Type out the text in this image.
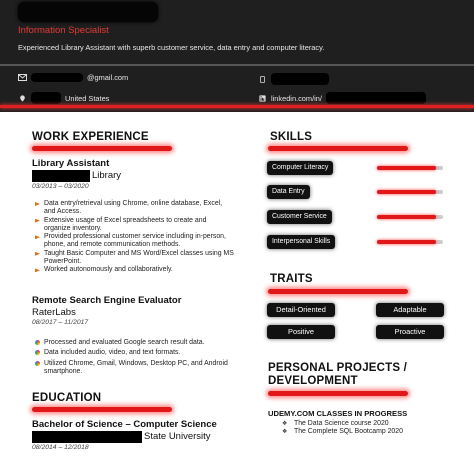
Information Specialist
Experienced Library Assistant with superb customer service, data entry and computer literacy.
@gmail.com
United States	linkedin.com/in/
WORK EXPERIENCE
Library Assistant
Library
03/2013 – 03/2020
Data entry/retrieval using Chrome, online database, Excel, and Access.
Extensive usage of Excel spreadsheets to create and organize inventory.
Provided professional customer service including in-person, phone, and remote communication methods.
Taught Basic Computer and MS Word/Excel classes using MS PowerPoint.
Worked autonomously and collaboratively.
Remote Search Engine Evaluator
RaterLabs
08/2017 – 11/2017
Processed and evaluated Google search result data.
Data included audio, video, and text formats.
Utilized Chrome, Gmail, Windows, Desktop PC, and Android smartphone.
EDUCATION
Bachelor of Science – Computer Science
State University
08/2014 – 12/2018
SKILLS
Computer Literacy
Data Entry
Customer Service
Interpersonal Skills
TRAITS
Detail-Oriented	Adaptable
Positive	Proactive
PERSONAL PROJECTS /
DEVELOPMENT
UDEMY.COM CLASSES IN PROGRESS
❖ The Data Science course 2020
❖ The Complete SQL Bootcamp 2020
